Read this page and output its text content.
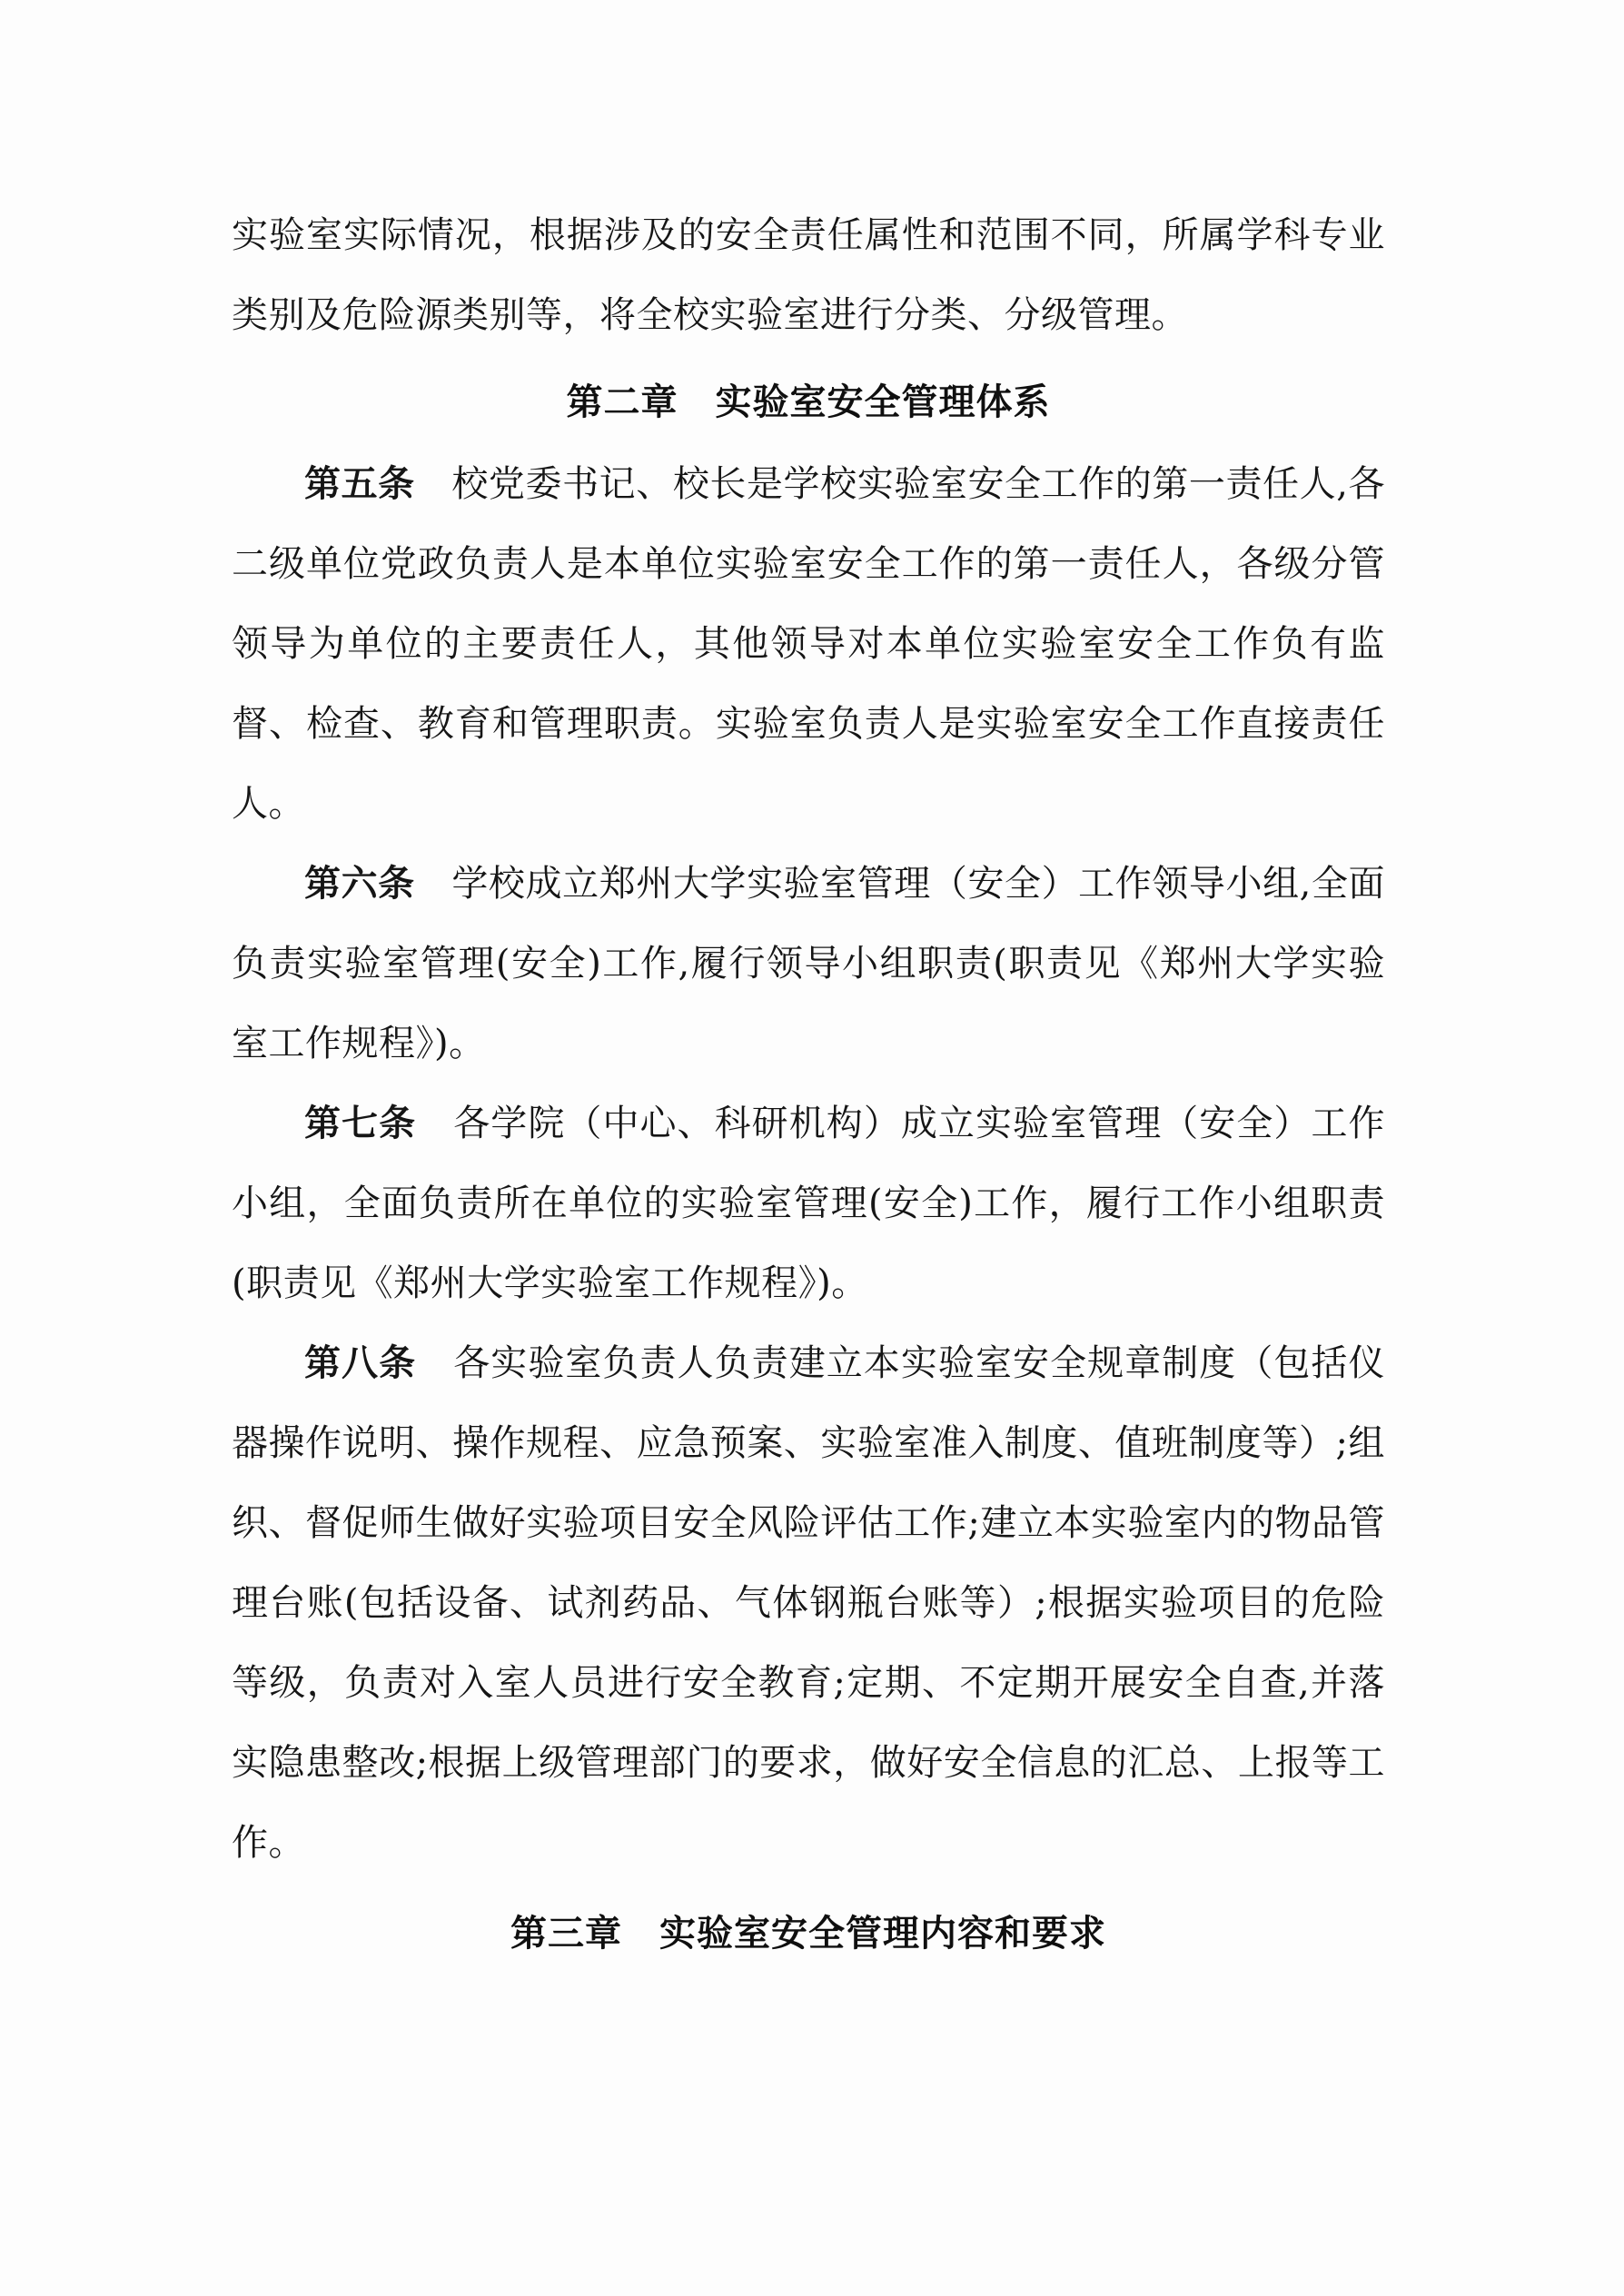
实验室实际情况，根据涉及的安全责任属性和范围不同，所属学科专业类别及危险源类别等，将全校实验室进行分类、分级管理。

第二章　实验室安全管理体系

第五条　 校党委书记、校长是学校实验室安全工作的第一责任人,各二级单位党政负责人是本单位实验室安全工作的第一责任人，各级分管领导为单位的主要责任人，其他领导对本单位实验室安全工作负有监督、检查、教育和管理职责。实验室负责人是实验室安全工作直接责任人。

第六条　 学校成立郑州大学实验室管理（安全）工作领导小组,全面负责实验室管理(安全)工作,履行领导小组职责(职责见《郑州大学实验室工作规程》)。

第七条　 各学院（中心、科研机构）成立实验室管理（安全）工作小组，全面负责所在单位的实验室管理(安全)工作，履行工作小组职责(职责见《郑州大学实验室工作规程》)。

第八条　 各实验室负责人负责建立本实验室安全规章制度（包括仪器操作说明、操作规程、应急预案、实验室准入制度、值班制度等）;组织、督促师生做好实验项目安全风险评估工作;建立本实验室内的物品管理台账(包括设备、试剂药品、气体钢瓶台账等）;根据实验项目的危险等级，负责对入室人员进行安全教育;定期、不定期开展安全自查,并落实隐患整改;根据上级管理部门的要求，做好安全信息的汇总、上报等工作。

第三章　实验室安全管理内容和要求
